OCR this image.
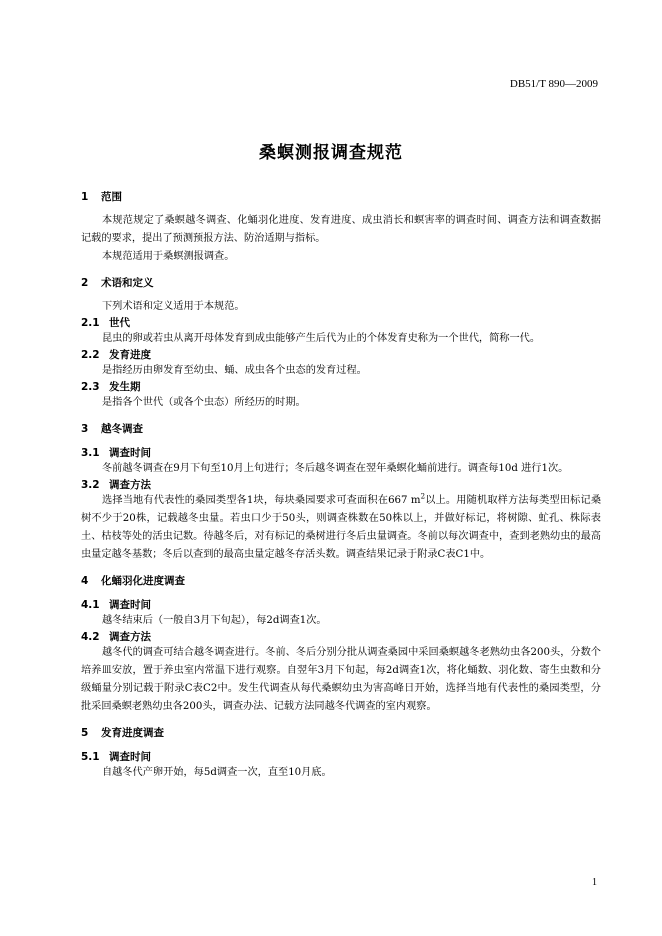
DB51/T 890—2009
桑螟测报调查规范
1 范围

本规范规定了桑螟越冬调查、化蛹羽化进度、发育进度、成虫消长和螟害率的调查时间、调查方法和调查数据记载的要求，提出了预测预报方法、防治适期与指标。

本规范适用于桑螟测报调查。

2 术语和定义

下列术语和定义适用于本规范。

2.1 世代

昆虫的卵或若虫从离开母体发育到成虫能够产生后代为止的个体发育史称为一个世代，简称一代。

2.2 发育进度

是指经历由卵发育至幼虫、蛹、成虫各个虫态的发育过程。

2.3 发生期

是指各个世代（或各个虫态）所经历的时期。

3 越冬调查
3.1 调查时间

冬前越冬调查在9月下旬至10月上旬进行；冬后越冬调查在翌年桑螟化蛹前进行。调查每10d 进行1次。

3.2 调查方法

选择当地有代表性的桑园类型各1块，每块桑园要求可查面积在667 $m^2$以上。用随机取样方法每类型田标记桑树不少于20株，记载越冬虫量。若虫口少于50头，则调查株数在50株以上，并做好标记，将树隙、虻孔、株际表土、枯枝等处的活虫记数。待越冬后，对有标记的桑树进行冬后虫量调查。冬前以每次调查中，查到老熟幼虫的最高虫量定越冬基数；冬后以查到的最高虫量定越冬存活头数。调查结果记录于附录C表C1中。

4 化蛹羽化进度调查
4.1 调查时间

越冬结束后（一般自3月下旬起），每2d调查1次。

4.2 调查方法

越冬代的调查可结合越冬调查进行。冬前、冬后分别分批从调查桑园中采回桑螟越冬老熟幼虫各200头，分数个培养皿安放，置于养虫室内常温下进行观察。自翌年3月下旬起，每2d调查1次，将化蛹数、羽化数、寄生虫数和分级蛹量分别记载于附录C表C2中。发生代调查从每代桑螟幼虫为害高峰日开始，选择当地有代表性的桑园类型，分批采回桑螟老熟幼虫各200头，调查办法、记载方法同越冬代调查的室内观察。

5 发育进度调查
5.1 调查时间

自越冬代产卵开始，每5d调查一次，直至10月底。

1
